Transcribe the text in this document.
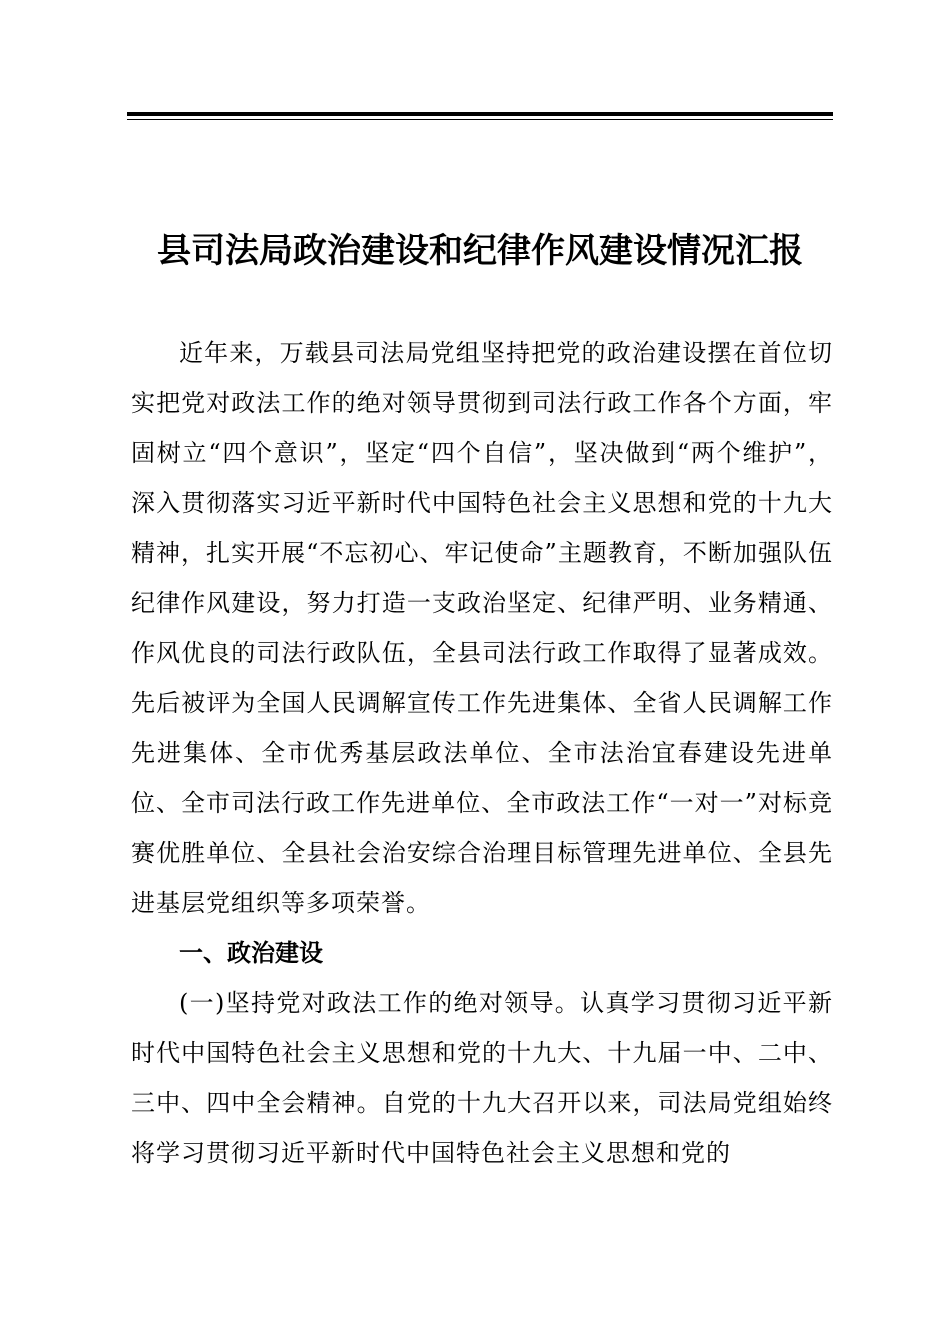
县司法局政治建设和纪律作风建设情况汇报

近年来，万载县司法局党组坚持把党的政治建设摆在首位切实把党对政法工作的绝对领导贯彻到司法行政工作各个方面，牢固树立“四个意识”，坚定“四个自信”，坚决做到“两个维护”，深入贯彻落实习近平新时代中国特色社会主义思想和党的十九大精神，扎实开展“不忘初心、牢记使命”主题教育，不断加强队伍纪律作风建设，努力打造一支政治坚定、纪律严明、业务精通、作风优良的司法行政队伍，全县司法行政工作取得了显著成效。先后被评为全国人民调解宣传工作先进集体、全省人民调解工作先进集体、全市优秀基层政法单位、全市法治宜春建设先进单位、全市司法行政工作先进单位、全市政法工作“一对一”对标竞赛优胜单位、全县社会治安综合治理目标管理先进单位、全县先进基层党组织等多项荣誉。

一、政治建设

(一)坚持党对政法工作的绝对领导。认真学习贯彻习近平新时代中国特色社会主义思想和党的十九大、十九届一中、二中、三中、四中全会精神。自党的十九大召开以来，司法局党组始终将学习贯彻习近平新时代中国特色社会主义思想和党的
